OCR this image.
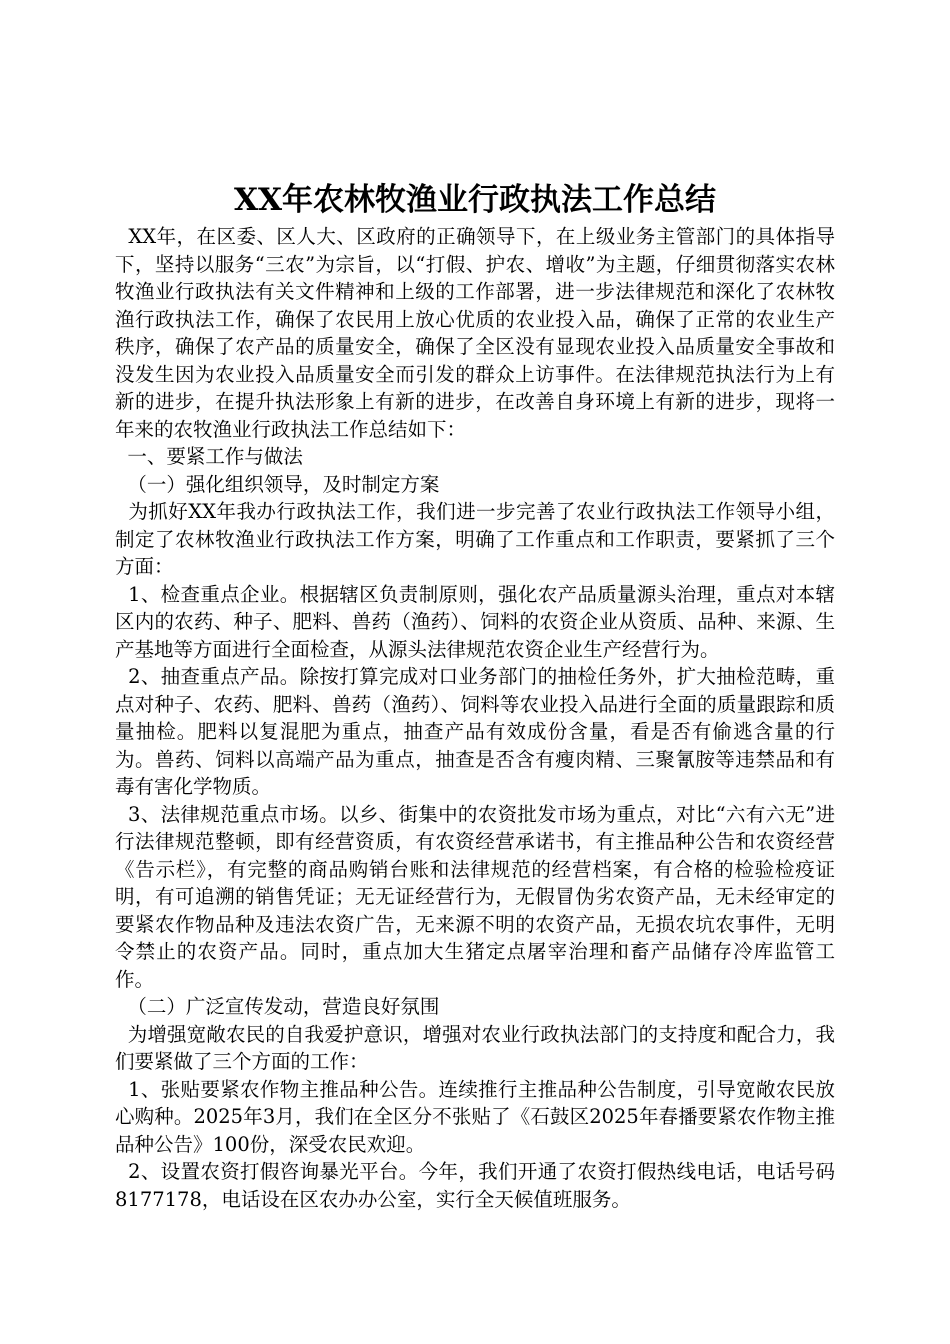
XX年农林牧渔业行政执法工作总结

XX年，在区委、区人大、区政府的正确领导下，在上级业务主管部门的具体指导下，坚持以服务“三农”为宗旨，以“打假、护农、增收”为主题，仔细贯彻落实农林牧渔业行政执法有关文件精神和上级的工作部署，进一步法律规范和深化了农林牧渔行政执法工作，确保了农民用上放心优质的农业投入品，确保了正常的农业生产秩序，确保了农产品的质量安全，确保了全区没有显现农业投入品质量安全事故和没发生因为农业投入品质量安全而引发的群众上访事件。在法律规范执法行为上有新的进步，在提升执法形象上有新的进步，在改善自身环境上有新的进步，现将一年来的农牧渔业行政执法工作总结如下：

一、要紧工作与做法

（一）强化组织领导，及时制定方案

为抓好XX年我办行政执法工作，我们进一步完善了农业行政执法工作领导小组，制定了农林牧渔业行政执法工作方案，明确了工作重点和工作职责，要紧抓了三个方面：

1、检查重点企业。根据辖区负责制原则，强化农产品质量源头治理，重点对本辖区内的农药、种子、肥料、兽药（渔药）、饲料的农资企业从资质、品种、来源、生产基地等方面进行全面检查，从源头法律规范农资企业生产经营行为。

2、抽查重点产品。除按打算完成对口业务部门的抽检任务外，扩大抽检范畴，重点对种子、农药、肥料、兽药（渔药）、饲料等农业投入品进行全面的质量跟踪和质量抽检。肥料以复混肥为重点，抽查产品有效成份含量，看是否有偷逃含量的行为。兽药、饲料以高端产品为重点，抽查是否含有瘦肉精、三聚氰胺等违禁品和有毒有害化学物质。

3、法律规范重点市场。以乡、街集中的农资批发市场为重点，对比“六有六无”进行法律规范整顿，即有经营资质，有农资经营承诺书，有主推品种公告和农资经营《告示栏》，有完整的商品购销台账和法律规范的经营档案，有合格的检验检疫证明，有可追溯的销售凭证；无无证经营行为，无假冒伪劣农资产品，无未经审定的要紧农作物品种及违法农资广告，无来源不明的农资产品，无损农坑农事件，无明令禁止的农资产品。同时，重点加大生猪定点屠宰治理和畜产品储存冷库监管工作。

（二）广泛宣传发动，营造良好氛围

为增强宽敞农民的自我爱护意识，增强对农业行政执法部门的支持度和配合力，我们要紧做了三个方面的工作：

1、张贴要紧农作物主推品种公告。连续推行主推品种公告制度，引导宽敞农民放心购种。2025年3月，我们在全区分不张贴了《石鼓区2025年春播要紧农作物主推品种公告》100份，深受农民欢迎。

2、设置农资打假咨询暴光平台。今年，我们开通了农资打假热线电话，电话号码8177178，电话设在区农办办公室，实行全天候值班服务。
